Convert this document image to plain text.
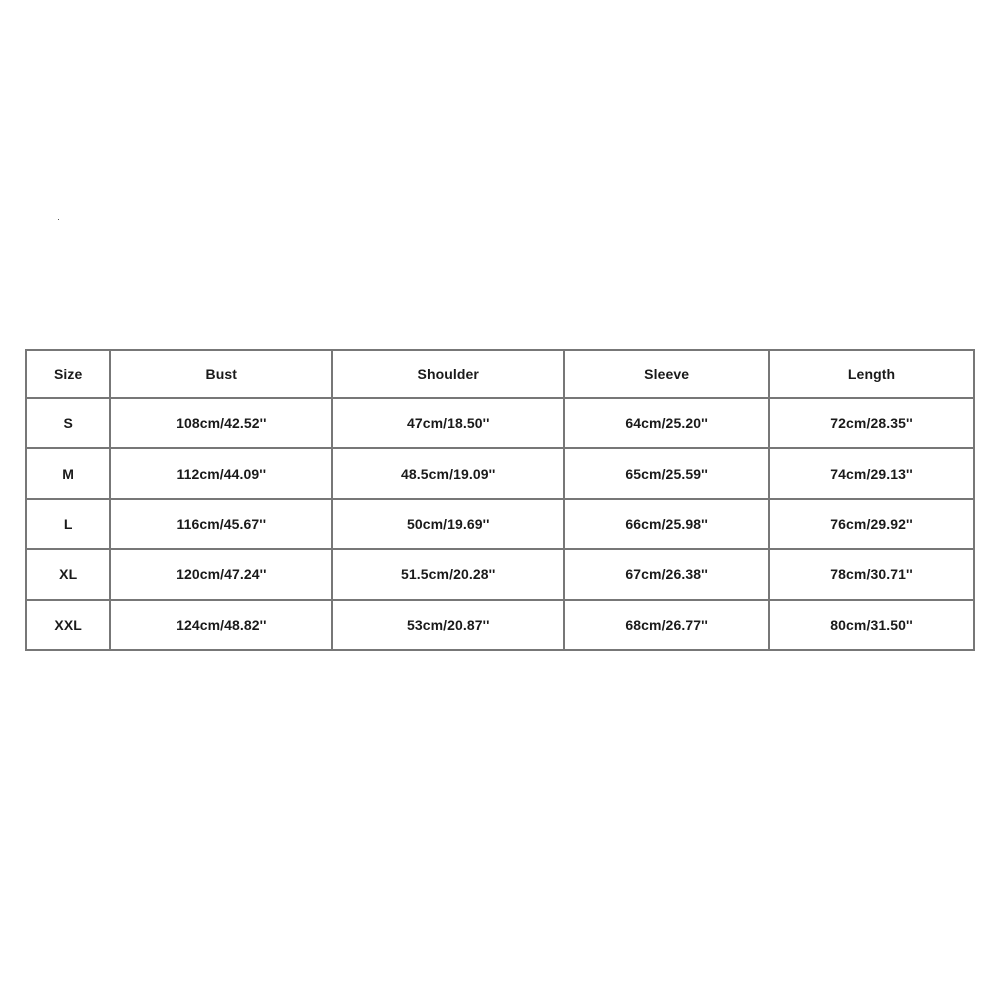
Size	Bust	Shoulder	Sleeve	Length
S	108cm/42.52''	47cm/18.50''	64cm/25.20''	72cm/28.35''
M	112cm/44.09''	48.5cm/19.09''	65cm/25.59''	74cm/29.13''
L	116cm/45.67''	50cm/19.69''	66cm/25.98''	76cm/29.92''
XL	120cm/47.24''	51.5cm/20.28''	67cm/26.38''	78cm/30.71''
XXL	124cm/48.82''	53cm/20.87''	68cm/26.77''	80cm/31.50''
